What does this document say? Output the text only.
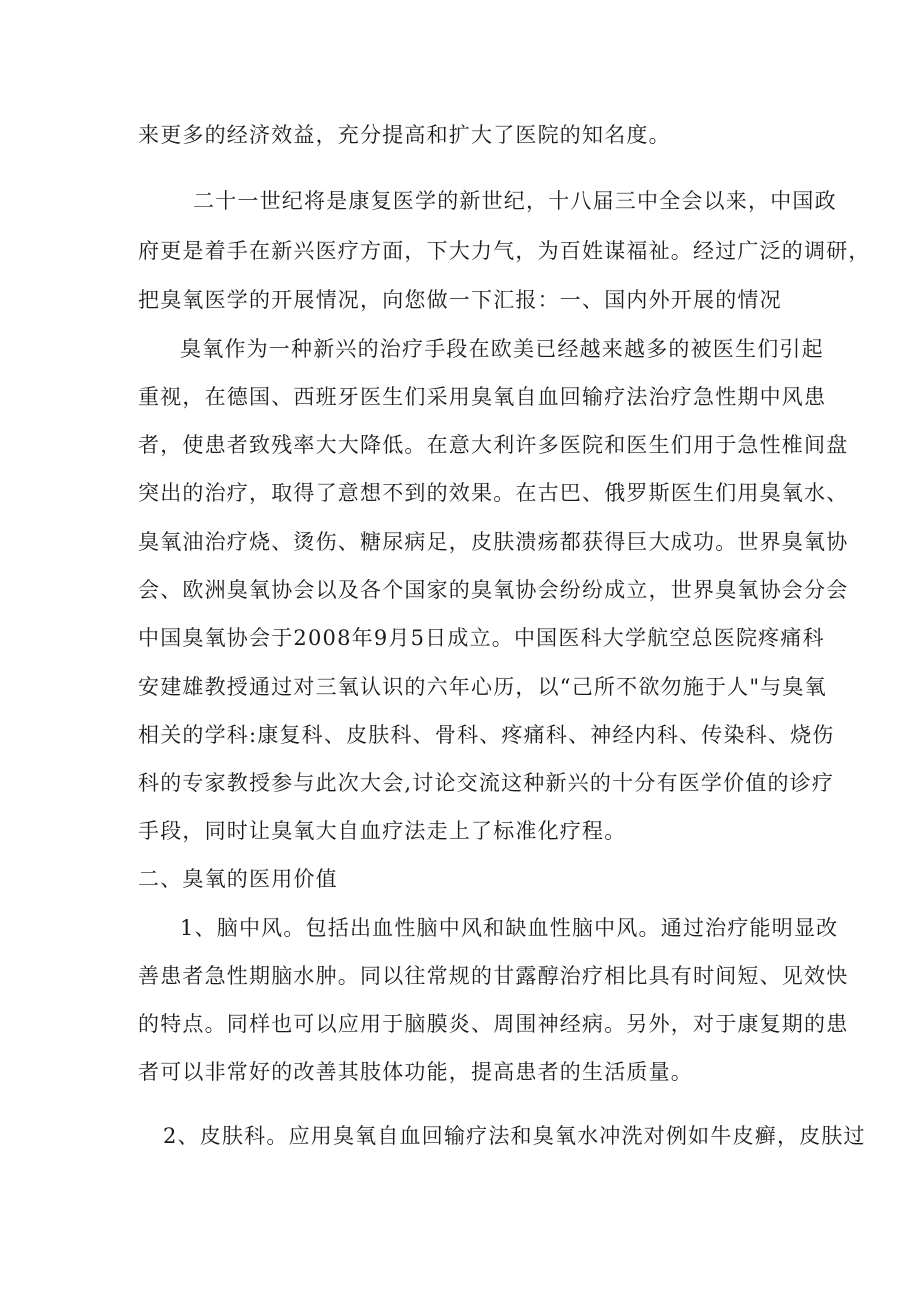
来更多的经济效益，充分提高和扩大了医院的知名度。
二十一世纪将是康复医学的新世纪，十八届三中全会以来，中国政
府更是着手在新兴医疗方面，下大力气，为百姓谋福祉。经过广泛的调研，
把臭氧医学的开展情况，向您做一下汇报：一、国内外开展的情况
臭氧作为一种新兴的治疗手段在欧美已经越来越多的被医生们引起
重视，在德国、西班牙医生们采用臭氧自血回输疗法治疗急性期中风患
者，使患者致残率大大降低。在意大利许多医院和医生们用于急性椎间盘
突出的治疗，取得了意想不到的效果。在古巴、俄罗斯医生们用臭氧水、
臭氧油治疗烧、烫伤、糖尿病足，皮肤溃疡都获得巨大成功。世界臭氧协
会、欧洲臭氧协会以及各个国家的臭氧协会纷纷成立，世界臭氧协会分会
中国臭氧协会于2008年9月5日成立。中国医科大学航空总医院疼痛科
安建雄教授通过对三氧认识的六年心历，以“己所不欲勿施于人"与臭氧
相关的学科:康复科、皮肤科、骨科、疼痛科、神经内科、传染科、烧伤
科的专家教授参与此次大会,讨论交流这种新兴的十分有医学价值的诊疗
手段，同时让臭氧大自血疗法走上了标准化疗程。
二、臭氧的医用价值
1、脑中风。包括出血性脑中风和缺血性脑中风。通过治疗能明显改
善患者急性期脑水肿。同以往常规的甘露醇治疗相比具有时间短、见效快
的特点。同样也可以应用于脑膜炎、周围神经病。另外，对于康复期的患
者可以非常好的改善其肢体功能，提高患者的生活质量。
2、皮肤科。应用臭氧自血回输疗法和臭氧水冲洗对例如牛皮癣，皮肤过
